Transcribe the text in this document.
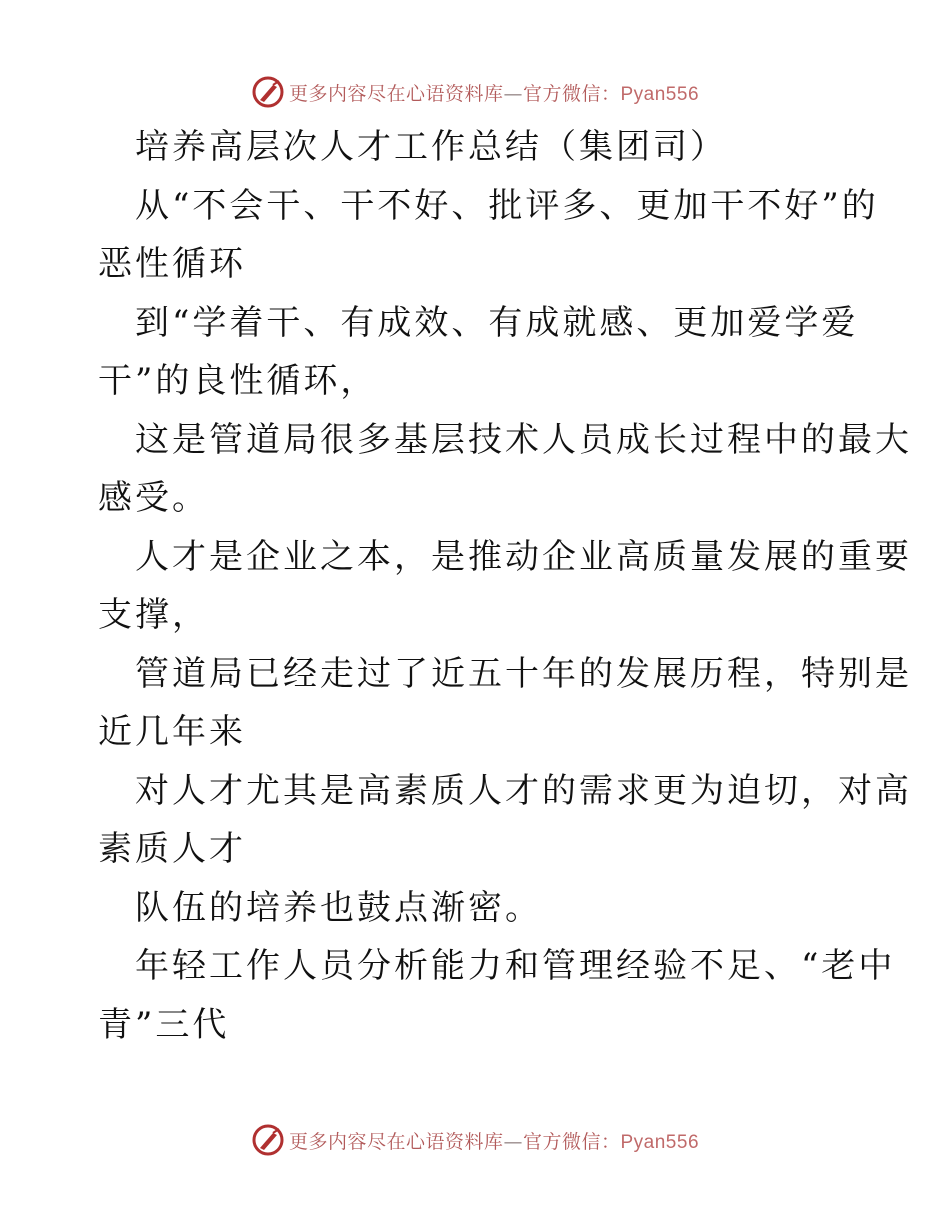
更多内容尽在心语资料库—官方微信：Pyan556
培养高层次人才工作总结（集团司）
从“不会干、干不好、批评多、更加干不好”的
恶性循环
到“学着干、有成效、有成就感、更加爱学爱
干”的良性循环，
这是管道局很多基层技术人员成长过程中的最大
感受。
人才是企业之本，是推动企业高质量发展的重要
支撑，
管道局已经走过了近五十年的发展历程，特别是
近几年来
对人才尤其是高素质人才的需求更为迫切，对高
素质人才
队伍的培养也鼓点渐密。
年轻工作人员分析能力和管理经验不足、“老中
青”三代
更多内容尽在心语资料库—官方微信：Pyan556
